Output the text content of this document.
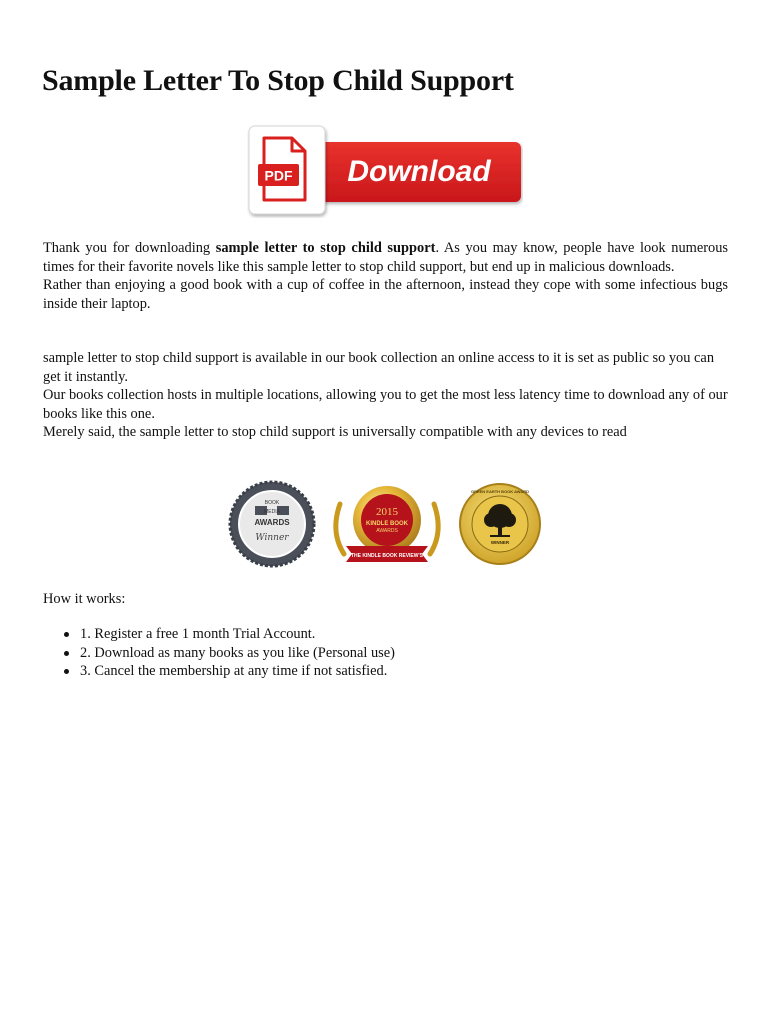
Sample Letter To Stop Child Support
PDF Download
Thank you for downloading sample letter to stop child support. As you may know, people have look numerous times for their favorite novels like this sample letter to stop child support, but end up in malicious downloads.
Rather than enjoying a good book with a cup of coffee in the afternoon, instead they cope with some infectious bugs inside their laptop.
sample letter to stop child support is available in our book collection an online access to it is set as public so you can get it instantly.
Our books collection hosts in multiple locations, allowing you to get the most less latency time to download any of our books like this one.
Merely said, the sample letter to stop child support is universally compatible with any devices to read
BOOK
MEDIA
AWARDS
Winner
2015
KINDLE BOOK
AWARDS
THE KINDLE BOOK REVIEW'S
GREEN EARTH BOOK AWARD
WINNER
How it works:
1. Register a free 1 month Trial Account.
2. Download as many books as you like (Personal use)
3. Cancel the membership at any time if not satisfied.
